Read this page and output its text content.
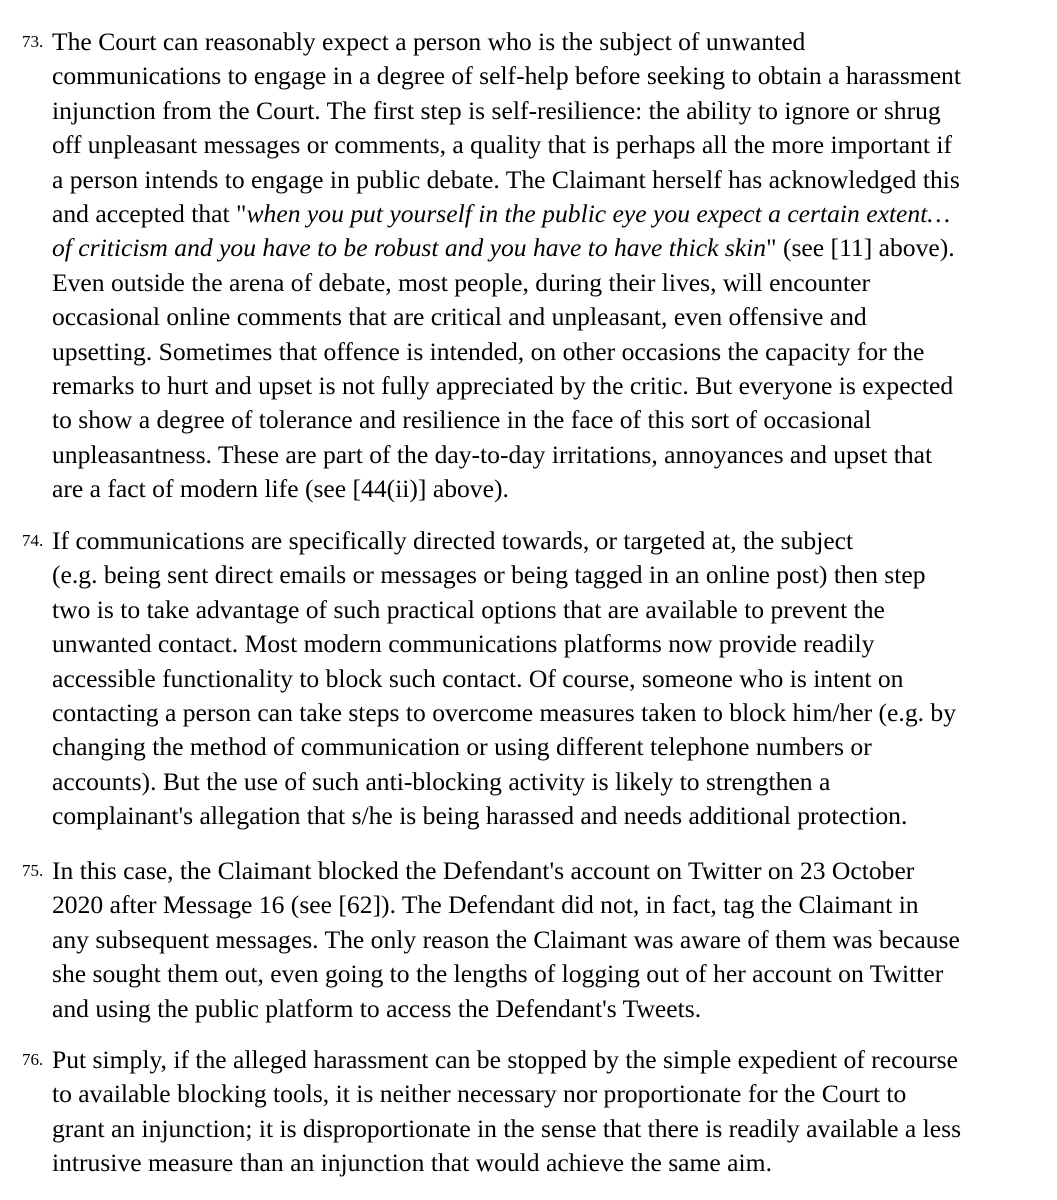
73. The Court can reasonably expect a person who is the subject of unwanted
communications to engage in a degree of self-help before seeking to obtain a harassment
injunction from the Court. The first step is self-resilience: the ability to ignore or shrug
off unpleasant messages or comments, a quality that is perhaps all the more important if
a person intends to engage in public debate. The Claimant herself has acknowledged this
and accepted that "when you put yourself in the public eye you expect a certain extent…
of criticism and you have to be robust and you have to have thick skin" (see [11] above).
Even outside the arena of debate, most people, during their lives, will encounter
occasional online comments that are critical and unpleasant, even offensive and
upsetting. Sometimes that offence is intended, on other occasions the capacity for the
remarks to hurt and upset is not fully appreciated by the critic. But everyone is expected
to show a degree of tolerance and resilience in the face of this sort of occasional
unpleasantness. These are part of the day-to-day irritations, annoyances and upset that
are a fact of modern life (see [44(ii)] above).
74. If communications are specifically directed towards, or targeted at, the subject
(e.g. being sent direct emails or messages or being tagged in an online post) then step
two is to take advantage of such practical options that are available to prevent the
unwanted contact. Most modern communications platforms now provide readily
accessible functionality to block such contact. Of course, someone who is intent on
contacting a person can take steps to overcome measures taken to block him/her (e.g. by
changing the method of communication or using different telephone numbers or
accounts). But the use of such anti-blocking activity is likely to strengthen a
complainant's allegation that s/he is being harassed and needs additional protection.
75. In this case, the Claimant blocked the Defendant's account on Twitter on 23 October
2020 after Message 16 (see [62]). The Defendant did not, in fact, tag the Claimant in
any subsequent messages. The only reason the Claimant was aware of them was because
she sought them out, even going to the lengths of logging out of her account on Twitter
and using the public platform to access the Defendant's Tweets.
76. Put simply, if the alleged harassment can be stopped by the simple expedient of recourse
to available blocking tools, it is neither necessary nor proportionate for the Court to
grant an injunction; it is disproportionate in the sense that there is readily available a less
intrusive measure than an injunction that would achieve the same aim.
